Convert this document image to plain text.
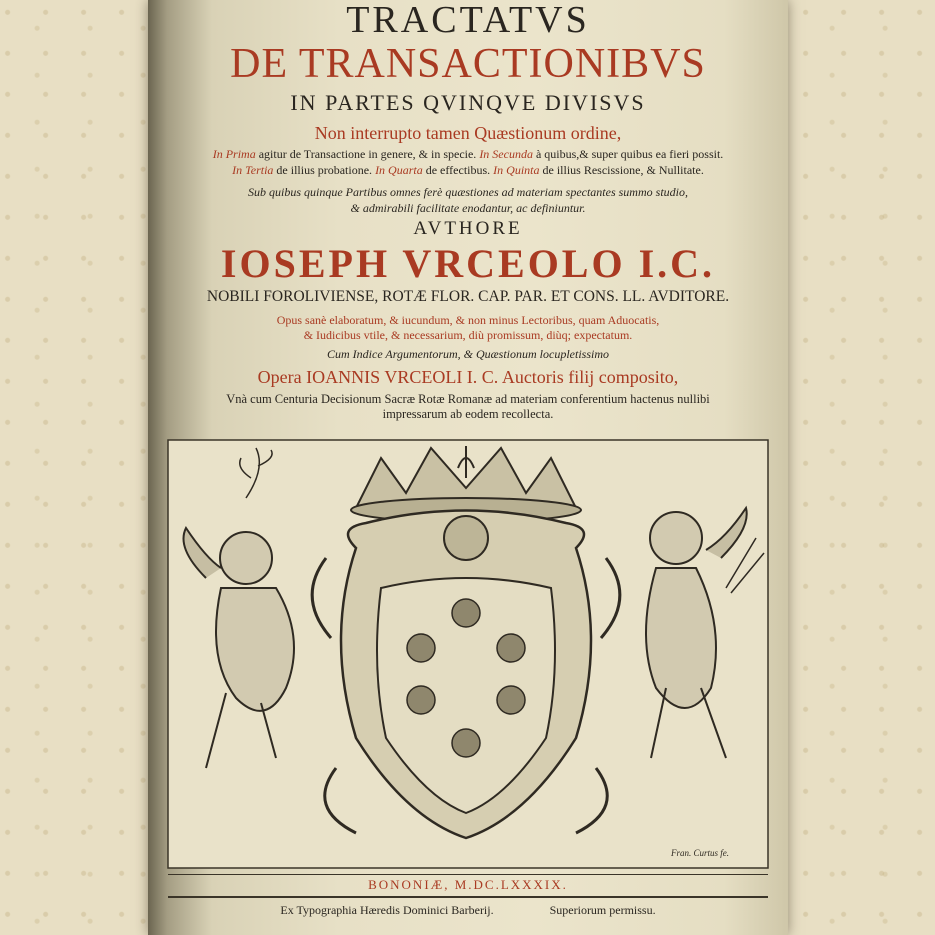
TRACTATVS
DE TRANSACTIONIBVS
IN PARTES QVINQVE DIVISVS
Non interrupto tamen Quæstionum ordine,
In Prima agitur de Transactione in genere, & in specie. In Secunda à quibus,& super quibus ea fieri possit.
In Tertia de illius probatione. In Quarta de effectibus. In Quinta de illius Rescissione, & Nullitate.
Sub quibus quinque Partibus omnes ferè quæstiones ad materiam spectantes summo studio,
& admirabili facilitate enodantur, ac definiuntur.
AVTHORE
IOSEPH VRCEOLO I.C.
NOBILI FOROLIVIENSE, ROTÆ FLOR. CAP. PAR. ET CONS. LL. AVDITORE.
Opus sanè elaboratum, & iucundum, & non minus Lectoribus, quam Aduocatis,
& Iudicibus vtile, & necessarium, diù promissum, diùq; expectatum.
Cum Indice Argumentorum, & Quæstionum locupletissimo
Opera IOANNIS VRCEOLI I. C. Auctoris filij composito,
Vnà cum Centuria Decisionum Sacræ Rotæ Romanæ ad materiam conferentium hactenus nullibi
impressarum ab eodem recollecta.
Fran. Curtus fe.
BONONIÆ, M.DC.LXXXIX.
Ex Typographia Hæredis Dominici Barberij.	Superiorum permissu.
